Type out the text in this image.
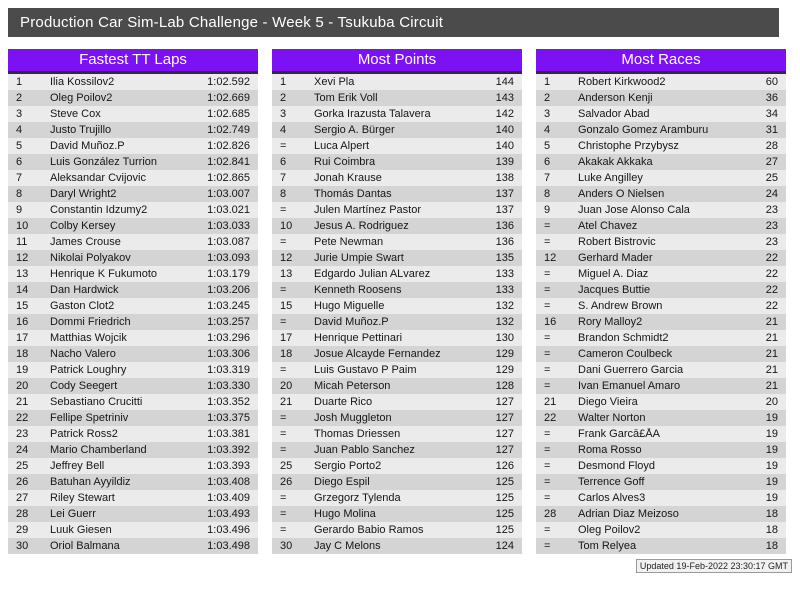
Production Car Sim-Lab Challenge - Week 5 - Tsukuba Circuit
Fastest TT Laps
1	Ilia Kossilov2	1:02.592
2	Oleg Poilov2	1:02.669
3	Steve Cox	1:02.685
4	Justo Trujillo	1:02.749
5	David Muñoz.P	1:02.826
6	Luis González Turrion	1:02.841
7	Aleksandar Cvijovic	1:02.865
8	Daryl Wright2	1:03.007
9	Constantin Idzumy2	1:03.021
10	Colby Kersey	1:03.033
11	James Crouse	1:03.087
12	Nikolai Polyakov	1:03.093
13	Henrique K Fukumoto	1:03.179
14	Dan Hardwick	1:03.206
15	Gaston Clot2	1:03.245
16	Dommi Friedrich	1:03.257
17	Matthias Wojcik	1:03.296
18	Nacho Valero	1:03.306
19	Patrick Loughry	1:03.319
20	Cody Seegert	1:03.330
21	Sebastiano Crucitti	1:03.352
22	Fellipe Spetriniv	1:03.375
23	Patrick Ross2	1:03.381
24	Mario Chamberland	1:03.392
25	Jeffrey Bell	1:03.393
26	Batuhan Ayyildiz	1:03.408
27	Riley Stewart	1:03.409
28	Lei Guerr	1:03.493
29	Luuk Giesen	1:03.496
30	Oriol Balmana	1:03.498
Most Points
1	Xevi Pla	144
2	Tom Erik Voll	143
3	Gorka Irazusta Talavera	142
4	Sergio A. Bürger	140
=	Luca Alpert	140
6	Rui Coimbra	139
7	Jonah Krause	138
8	Thomás Dantas	137
=	Julen Martínez Pastor	137
10	Jesus A. Rodriguez	136
=	Pete Newman	136
12	Jurie Umpie Swart	135
13	Edgardo Julian ALvarez	133
=	Kenneth Roosens	133
15	Hugo Miguelle	132
=	David Muñoz.P	132
17	Henrique Pettinari	130
18	Josue Alcayde Fernandez	129
=	Luis Gustavo P Paim	129
20	Micah Peterson	128
21	Duarte Rico	127
=	Josh Muggleton	127
=	Thomas Driessen	127
=	Juan Pablo Sanchez	127
25	Sergio Porto2	126
26	Diego Espil	125
=	Grzegorz Tylenda	125
=	Hugo Molina	125
=	Gerardo Babio Ramos	125
30	Jay C Melons	124
Most Races
1	Robert Kirkwood2	60
2	Anderson Kenji	36
3	Salvador Abad	34
4	Gonzalo Gomez Aramburu	31
5	Christophe Przybysz	28
6	Akakak Akkaka	27
7	Luke Angilley	25
8	Anders O Nielsen	24
9	Juan Jose Alonso Cala	23
=	Atel Chavez	23
=	Robert Bistrovic	23
12	Gerhard Mader	22
=	Miguel A. Diaz	22
=	Jacques Buttie	22
=	S. Andrew Brown	22
16	Rory Malloy2	21
=	Brandon Schmidt2	21
=	Cameron Coulbeck	21
=	Dani Guerrero Garcia	21
=	Ivan Emanuel Amaro	21
21	Diego Vieira	20
22	Walter Norton	19
=	Frank Garcā£ÅA	19
=	Roma Rosso	19
=	Desmond Floyd	19
=	Terrence Goff	19
=	Carlos Alves3	19
28	Adrian Diaz Meizoso	18
=	Oleg Poilov2	18
=	Tom Relyea	18
Updated 19-Feb-2022 23:30:17 GMT
